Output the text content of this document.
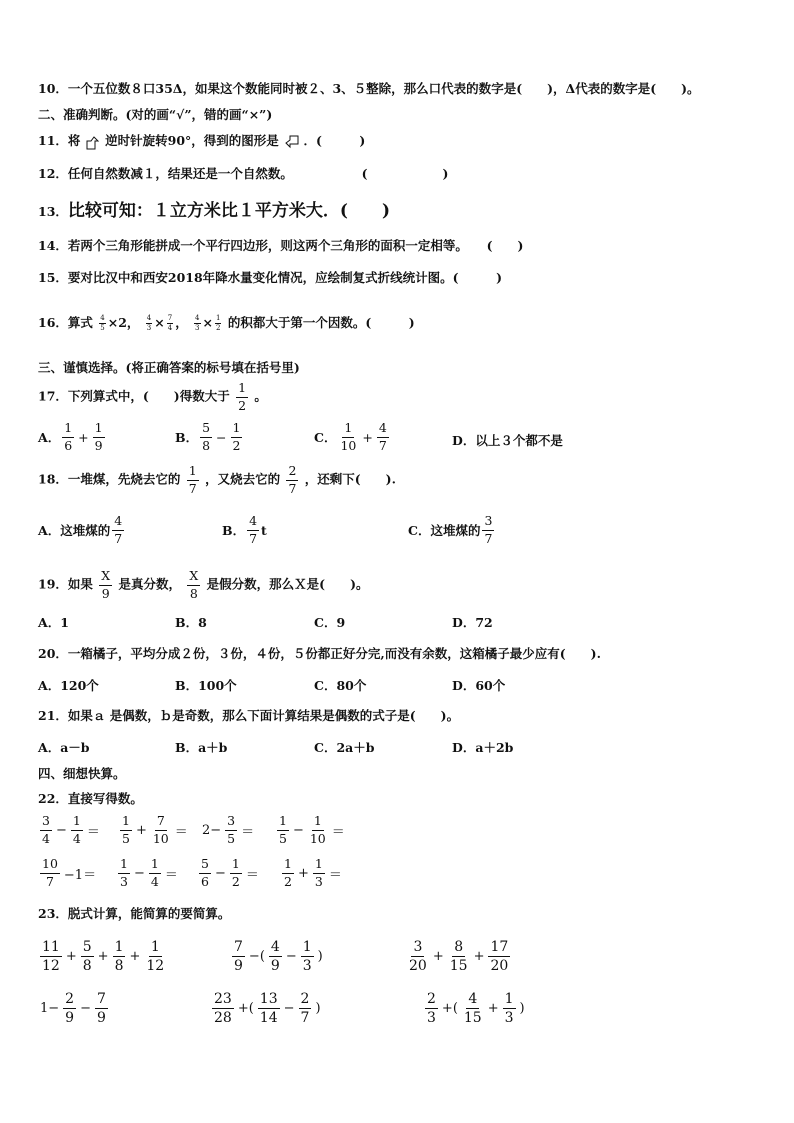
10．一个五位数８口35Δ，如果这个数能同时被２、3、５整除，那么口代表的数字是(　　)，Δ代表的数字是(　　)。
二、准确判断。(对的画“√”，错的画“×”)
11．将 逆时针旋转90°，得到的图形是 ．(　　　)
12．任何自然数减１，结果还是一个自然数。　　　　　　(　　　　　　)
13．比较可知：１立方米比１平方米大．(　　)
14．若两个三角形能拼成一个平行四边形，则这两个三角形的面积一定相等。　　(　　)
15．要对比汉中和西安2018年降水量变化情况，应绘制复式折线统计图。(　　　)
16．算式 $\frac{4}{5} \times 2$， $\frac{4}{3} \times \frac{7}{4}$ ， $\frac{4}{3} \times \frac{1}{2}$ 的积都大于第一个因数。(　　　)
三、谨慎选择。(将正确答案的标号填在括号里)
17．下列算式中，(　　)得数大于 $\frac{1}{2}$ 。
A． $\frac{1}{6} + \frac{1}{9}$	B． $\frac{5}{8} - \frac{1}{2}$	C． $\frac{1}{10} + \frac{4}{7}$	D．以上３个都不是
18．一堆煤，先烧去它的 $\frac{1}{7}$ ，又烧去它的 $\frac{2}{7}$ ，还剩下(　　).
A．这堆煤的 $\frac{4}{7}$	B． $\frac{4}{7}$ t	C．这堆煤的 $\frac{3}{7}$
19．如果 $\frac{X}{9}$ 是真分数， $\frac{X}{8}$ 是假分数，那么Ｘ是(　　)。
A．1	B．8	C．9	D．72
20．一箱橘子，平均分成２份，３份，４份，５份都正好分完,而没有余数，这箱橘子最少应有(　　).
A．120个	B．100个	C．80个	D．60个
21．如果ａ 是偶数，ｂ是奇数，那么下面计算结果是偶数的式子是(　　)。
A．a－b	B．a＋b	C．2a＋b	D．a＋2b
四、细想快算。
22．直接写得数。
$\frac{3}{4} - \frac{1}{4} = \frac{1}{5} + \frac{7}{10} = 2- \frac{3}{5} = \frac{1}{5} - \frac{1}{10}$ ＝
$\frac{10}{7} -1= \frac{1}{3} - \frac{1}{4} = \frac{5}{6} - \frac{1}{2} = \frac{1}{2} + \frac{1}{3}$ ＝
23．脱式计算，能简算的要简算。
$\frac{11}{12} + \frac{5}{8} + \frac{1}{8} + \frac{1}{12}$	$\frac{7}{9}$ −( $\frac{4}{9} - \frac{1}{3}$ )	$\frac{3}{20} + \frac{8}{15} + \frac{17}{20}$
$1- \frac{2}{9} - \frac{7}{9}$	$\frac{23}{28}$ +( $\frac{13}{14} - \frac{2}{7}$ )	$\frac{2}{3}$ +( $\frac{4}{15} + \frac{1}{3}$ )
